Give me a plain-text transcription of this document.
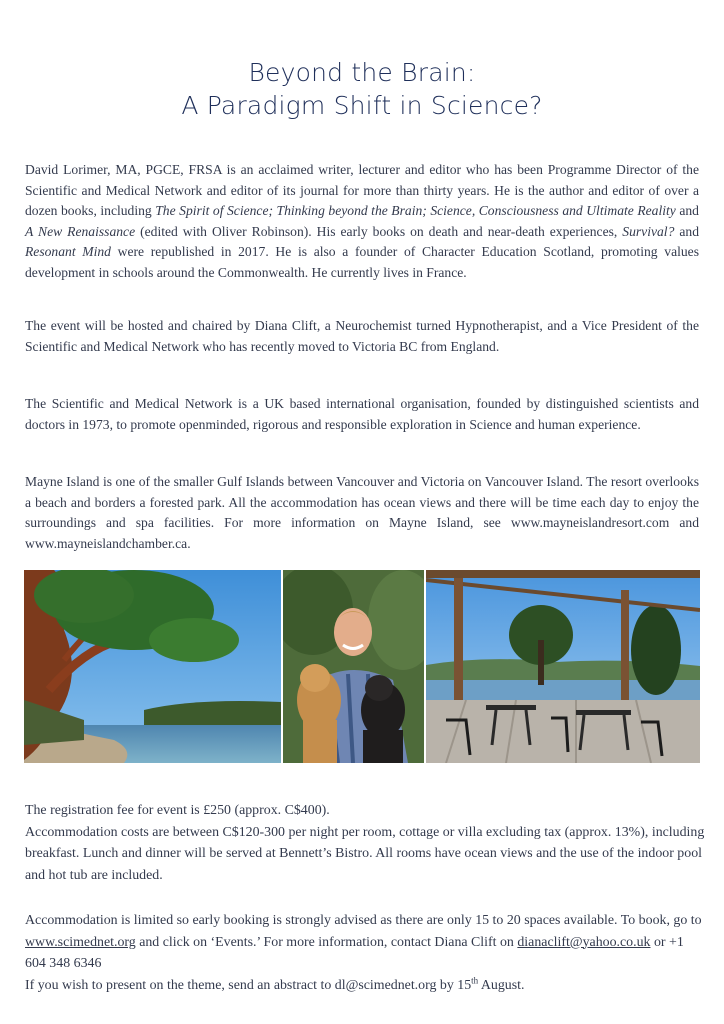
Beyond the Brain:
A Paradigm Shift in Science?
David Lorimer, MA, PGCE, FRSA is an acclaimed writer, lecturer and editor who has been Programme Director of the Scientific and Medical Network and editor of its journal for more than thirty years. He is the author and editor of over a dozen books, including The Spirit of Science; Thinking beyond the Brain; Science, Consciousness and Ultimate Reality and A New Renaissance (edited with Oliver Robinson). His early books on death and near-death experiences, Survival? and Resonant Mind were republished in 2017. He is also a founder of Character Education Scotland, promoting values development in schools around the Commonwealth. He currently lives in France.
The event will be hosted and chaired by Diana Clift, a Neurochemist turned Hypnotherapist, and a Vice President of the Scientific and Medical Network who has recently moved to Victoria BC from England.
The Scientific and Medical Network is a UK based international organisation, founded by distinguished scientists and doctors in 1973, to promote openminded, rigorous and responsible exploration in Science and human experience.
Mayne Island is one of the smaller Gulf Islands between Vancouver and Victoria on Vancouver Island. The resort overlooks a beach and borders a forested park. All the accommodation has ocean views and there will be time each day to enjoy the surroundings and spa facilities. For more information on Mayne Island, see www.mayneislandresort.com and www.mayneislandchamber.ca.
The registration fee for event is £250 (approx. C$400).
Accommodation costs are between C$120-300 per night per room, cottage or villa excluding tax (approx. 13%), including breakfast. Lunch and dinner will be served at Bennett’s Bistro. All rooms have ocean views and the use of the indoor pool and hot tub are included.
Accommodation is limited so early booking is strongly advised as there are only 15 to 20 spaces available. To book, go to www.scimednet.org and click on ‘Events.’ For more information, contact Diana Clift on dianaclift@yahoo.co.uk or +1 604 348 6346
If you wish to present on the theme, send an abstract to dl@scimednet.org by 15th August.
